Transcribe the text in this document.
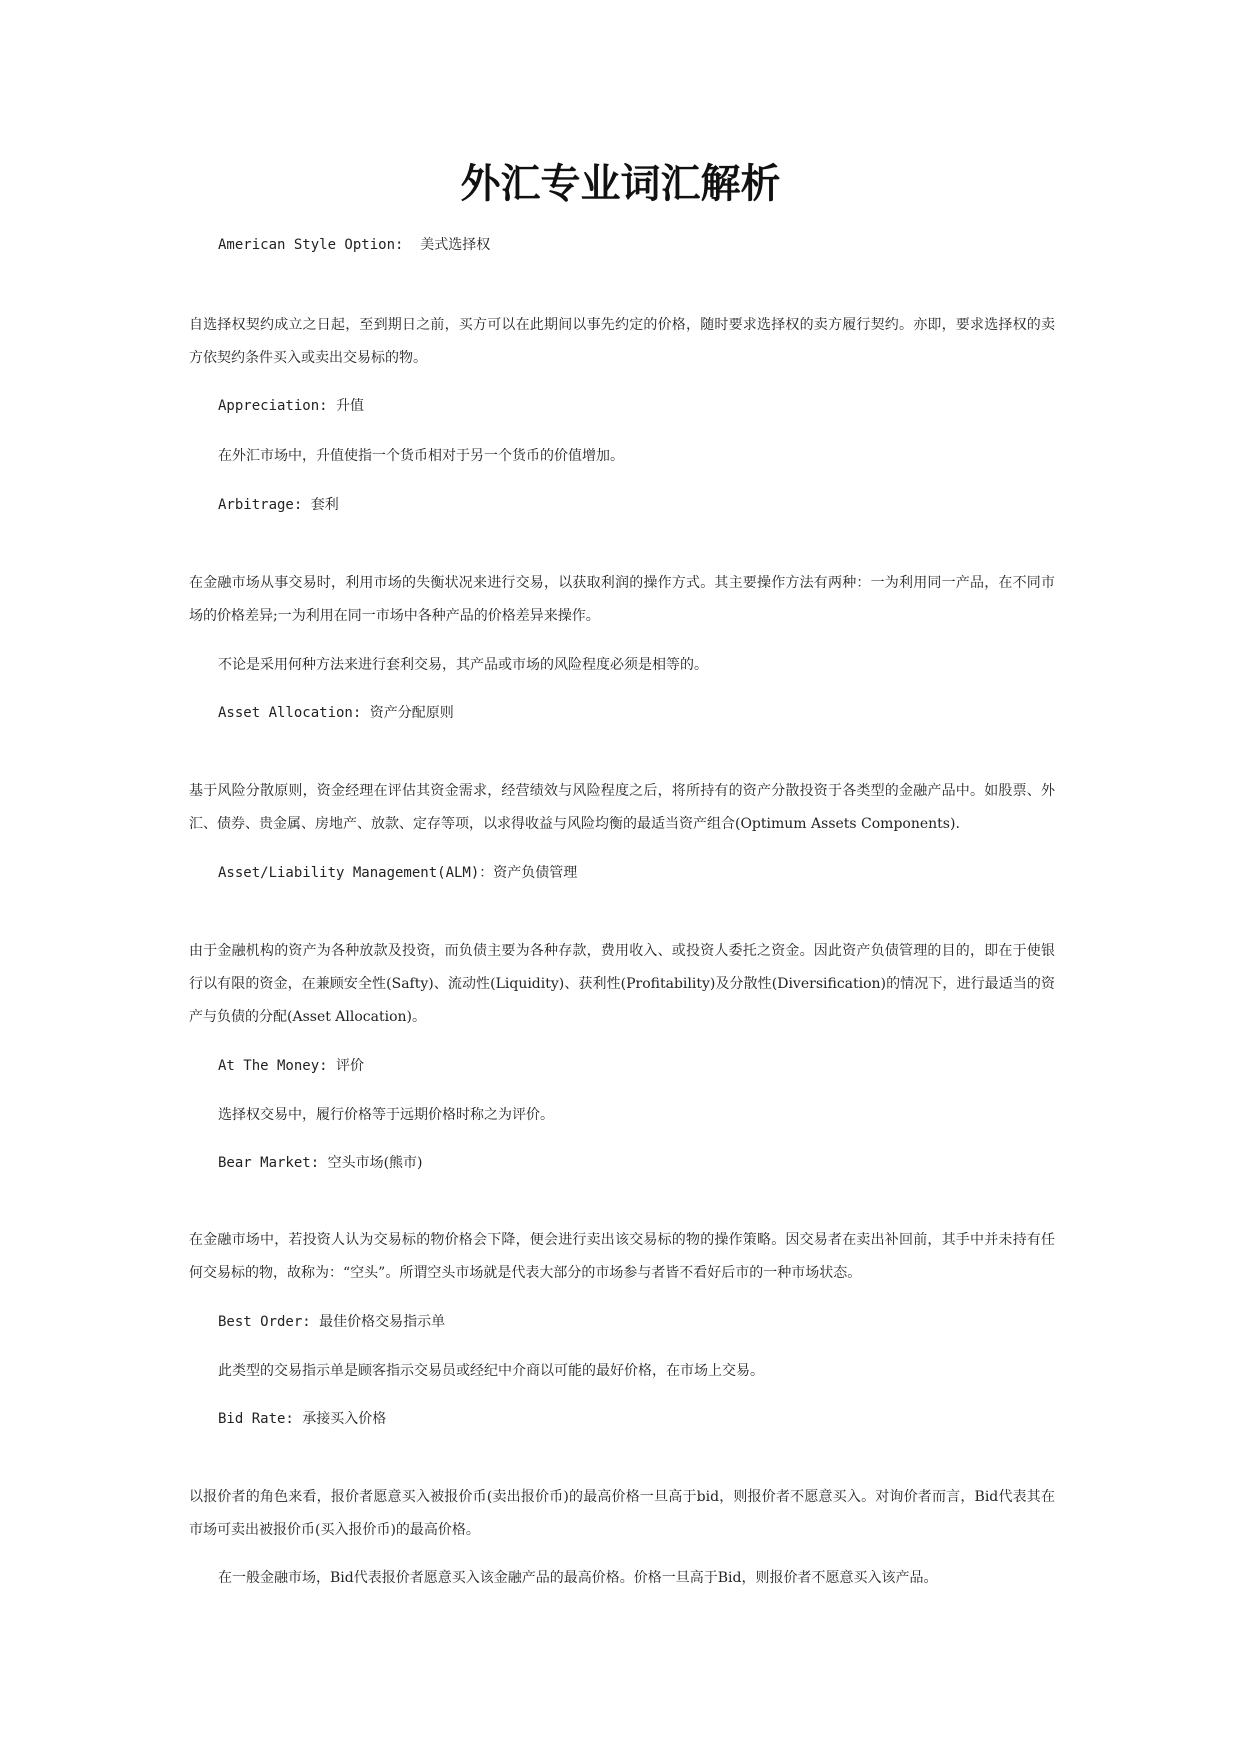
外汇专业词汇解析
American Style Option: 美式选择权
自选择权契约成立之日起，至到期日之前，买方可以在此期间以事先约定的价格，随时要求选择权的卖方履行契约。亦即，要求选择权的卖方依契约条件买入或卖出交易标的物。
Appreciation: 升值
在外汇市场中，升值使指一个货币相对于另一个货币的价值增加。
Arbitrage: 套利
在金融市场从事交易时，利用市场的失衡状况来进行交易，以获取利润的操作方式。其主要操作方法有两种：一为利用同一产品，在不同市场的价格差异;一为利用在同一市场中各种产品的价格差异来操作。
不论是采用何种方法来进行套利交易，其产品或市场的风险程度必须是相等的。
Asset Allocation: 资产分配原则
基于风险分散原则，资金经理在评估其资金需求，经营绩效与风险程度之后，将所持有的资产分散投资于各类型的金融产品中。如股票、外汇、债券、贵金属、房地产、放款、定存等项，以求得收益与风险均衡的最适当资产组合(Optimum Assets Components).
Asset/Liability Management(ALM)：资产负债管理
由于金融机构的资产为各种放款及投资，而负债主要为各种存款，费用收入、或投资人委托之资金。因此资产负债管理的目的，即在于使银行以有限的资金，在兼顾安全性(Safty)、流动性(Liquidity)、获利性(Profitability)及分散性(Diversification)的情况下，进行最适当的资产与负债的分配(Asset Allocation)。
At The Money: 评价
选择权交易中，履行价格等于远期价格时称之为评价。
Bear Market: 空头市场(熊市)
在金融市场中，若投资人认为交易标的物价格会下降，便会进行卖出该交易标的物的操作策略。因交易者在卖出补回前，其手中并未持有任何交易标的物，故称为：“空头”。所谓空头市场就是代表大部分的市场参与者皆不看好后市的一种市场状态。
Best Order: 最佳价格交易指示单
此类型的交易指示单是顾客指示交易员或经纪中介商以可能的最好价格，在市场上交易。
Bid Rate: 承接买入价格
以报价者的角色来看，报价者愿意买入被报价币(卖出报价币)的最高价格一旦高于bid，则报价者不愿意买入。对询价者而言，Bid代表其在市场可卖出被报价币(买入报价币)的最高价格。
在一般金融市场，Bid代表报价者愿意买入该金融产品的最高价格。价格一旦高于Bid，则报价者不愿意买入该产品。
